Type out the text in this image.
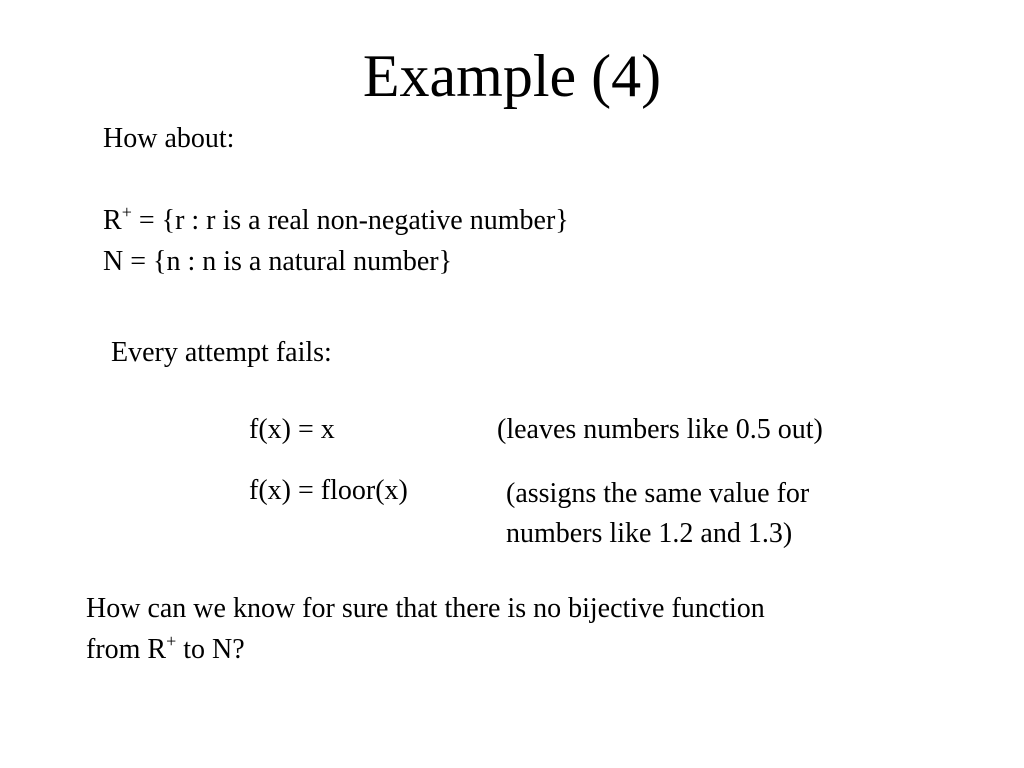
Example (4)
How about:
R+ = {r : r is a real non-negative number}
N = {n : n is a natural number}
Every attempt fails:
f(x) = x	(leaves numbers like 0.5 out)
f(x) = floor(x)	(assigns the same value for
numbers like 1.2 and 1.3)
How can we know for sure that there is no bijective function
from R+ to N?
